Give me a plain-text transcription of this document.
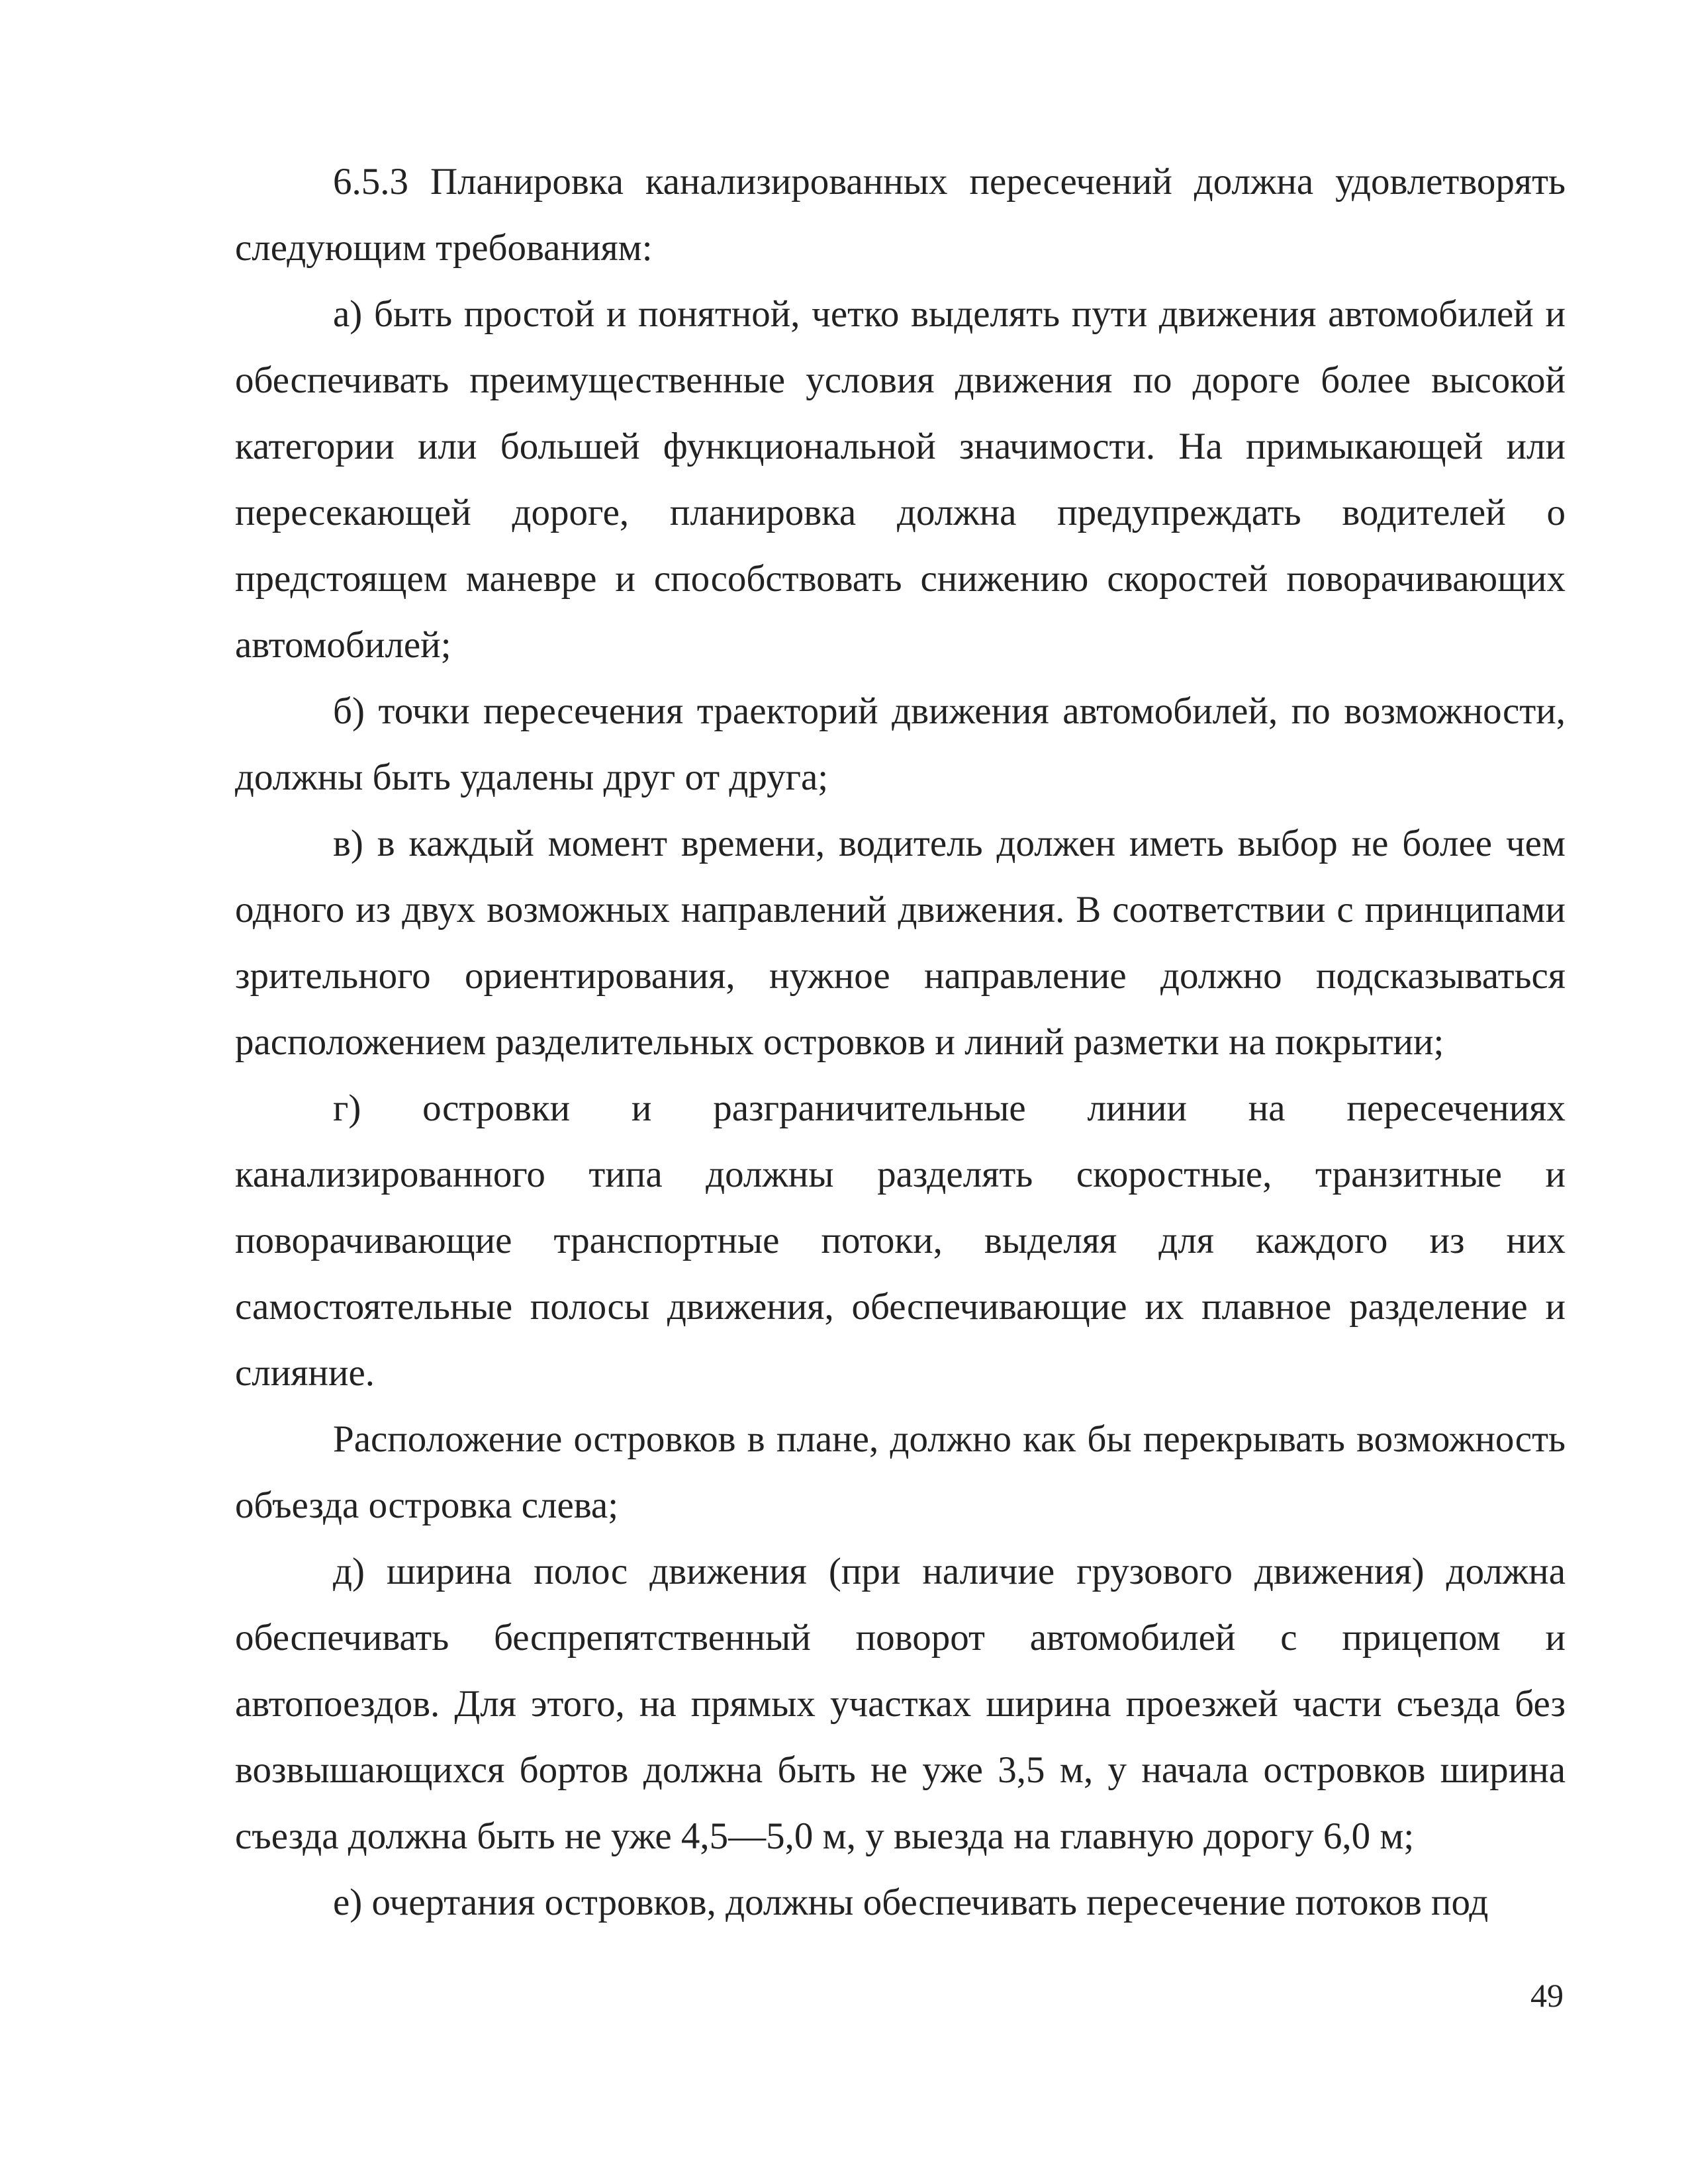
6.5.3 Планировка канализированных пересечений должна удовлетворять следующим требованиям:

а) быть простой и понятной, четко выделять пути движения автомобилей и обеспечивать преимущественные условия движения по дороге более высокой категории или большей функциональной значимости. На примыкающей или пересекающей дороге, планировка должна предупреждать водителей о предстоящем маневре и способствовать снижению скоростей поворачивающих автомобилей;

б) точки пересечения траекторий движения автомобилей, по возможности, должны быть удалены друг от друга;

в) в каждый момент времени, водитель должен иметь выбор не более чем одного из двух возможных направлений движения. В соответствии с принципами зрительного ориентирования, нужное направление должно подсказываться расположением разделительных островков и линий разметки на покрытии;

г) островки и разграничительные линии на пересечениях канализированного типа должны разделять скоростные, транзитные и поворачивающие транспортные потоки, выделяя для каждого из них самостоятельные полосы движения, обеспечивающие их плавное разделение и слияние.

Расположение островков в плане, должно как бы перекрывать возможность объезда островка слева;

д) ширина полос движения (при наличие грузового движения) должна обеспечивать беспрепятственный поворот автомобилей с прицепом и автопоездов. Для этого, на прямых участках ширина проезжей части съезда без возвышающихся бортов должна быть не уже 3,5 м, у начала островков ширина съезда должна быть не уже 4,5—5,0 м, у выезда на главную дорогу 6,0 м;

е) очертания островков, должны обеспечивать пересечение потоков под

49
